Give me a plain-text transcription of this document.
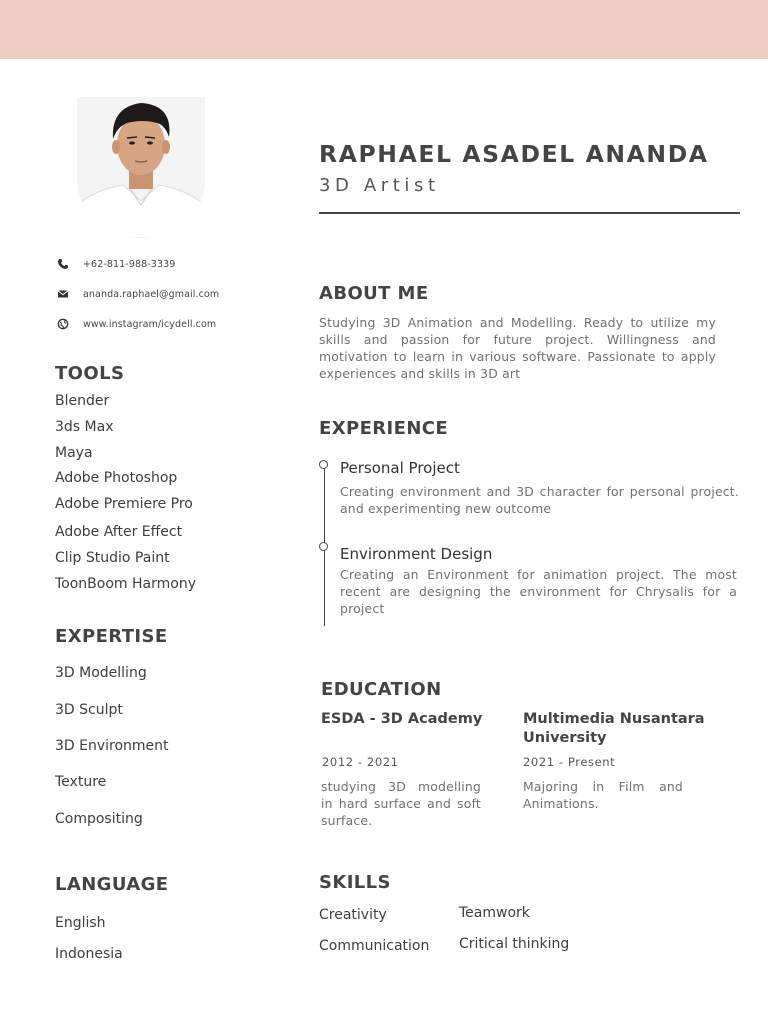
+62-811-988-3339
ananda.raphael@gmail.com
www.instagram/icydell.com
TOOLS
Blender
3ds Max
Maya
Adobe Photoshop
Adobe Premiere Pro
Adobe After Effect
Clip Studio Paint
ToonBoom Harmony
EXPERTISE
3D Modelling
3D Sculpt
3D Environment
Texture
Compositing
LANGUAGE
English
Indonesia
RAPHAEL ASADEL ANANDA
3D Artist
ABOUT ME
Studying 3D Animation and Modelling. Ready to utilize my skills and passion for future project. Willingness and motivation to learn in various software. Passionate to apply experiences and skills in 3D art
EXPERIENCE
Personal Project
Creating environment and 3D character for personal project. and experimenting new outcome
Environment Design
Creating an Environment for animation project. The most recent are designing the environment for Chrysalis for a project
EDUCATION
ESDA - 3D Academy
2012 - 2021
studying 3D modelling in hard surface and soft surface.
Multimedia Nusantara University
2021 - Present
Majoring in Film and Animations.
SKILLS
Creativity	Teamwork
Communication Critical thinking
